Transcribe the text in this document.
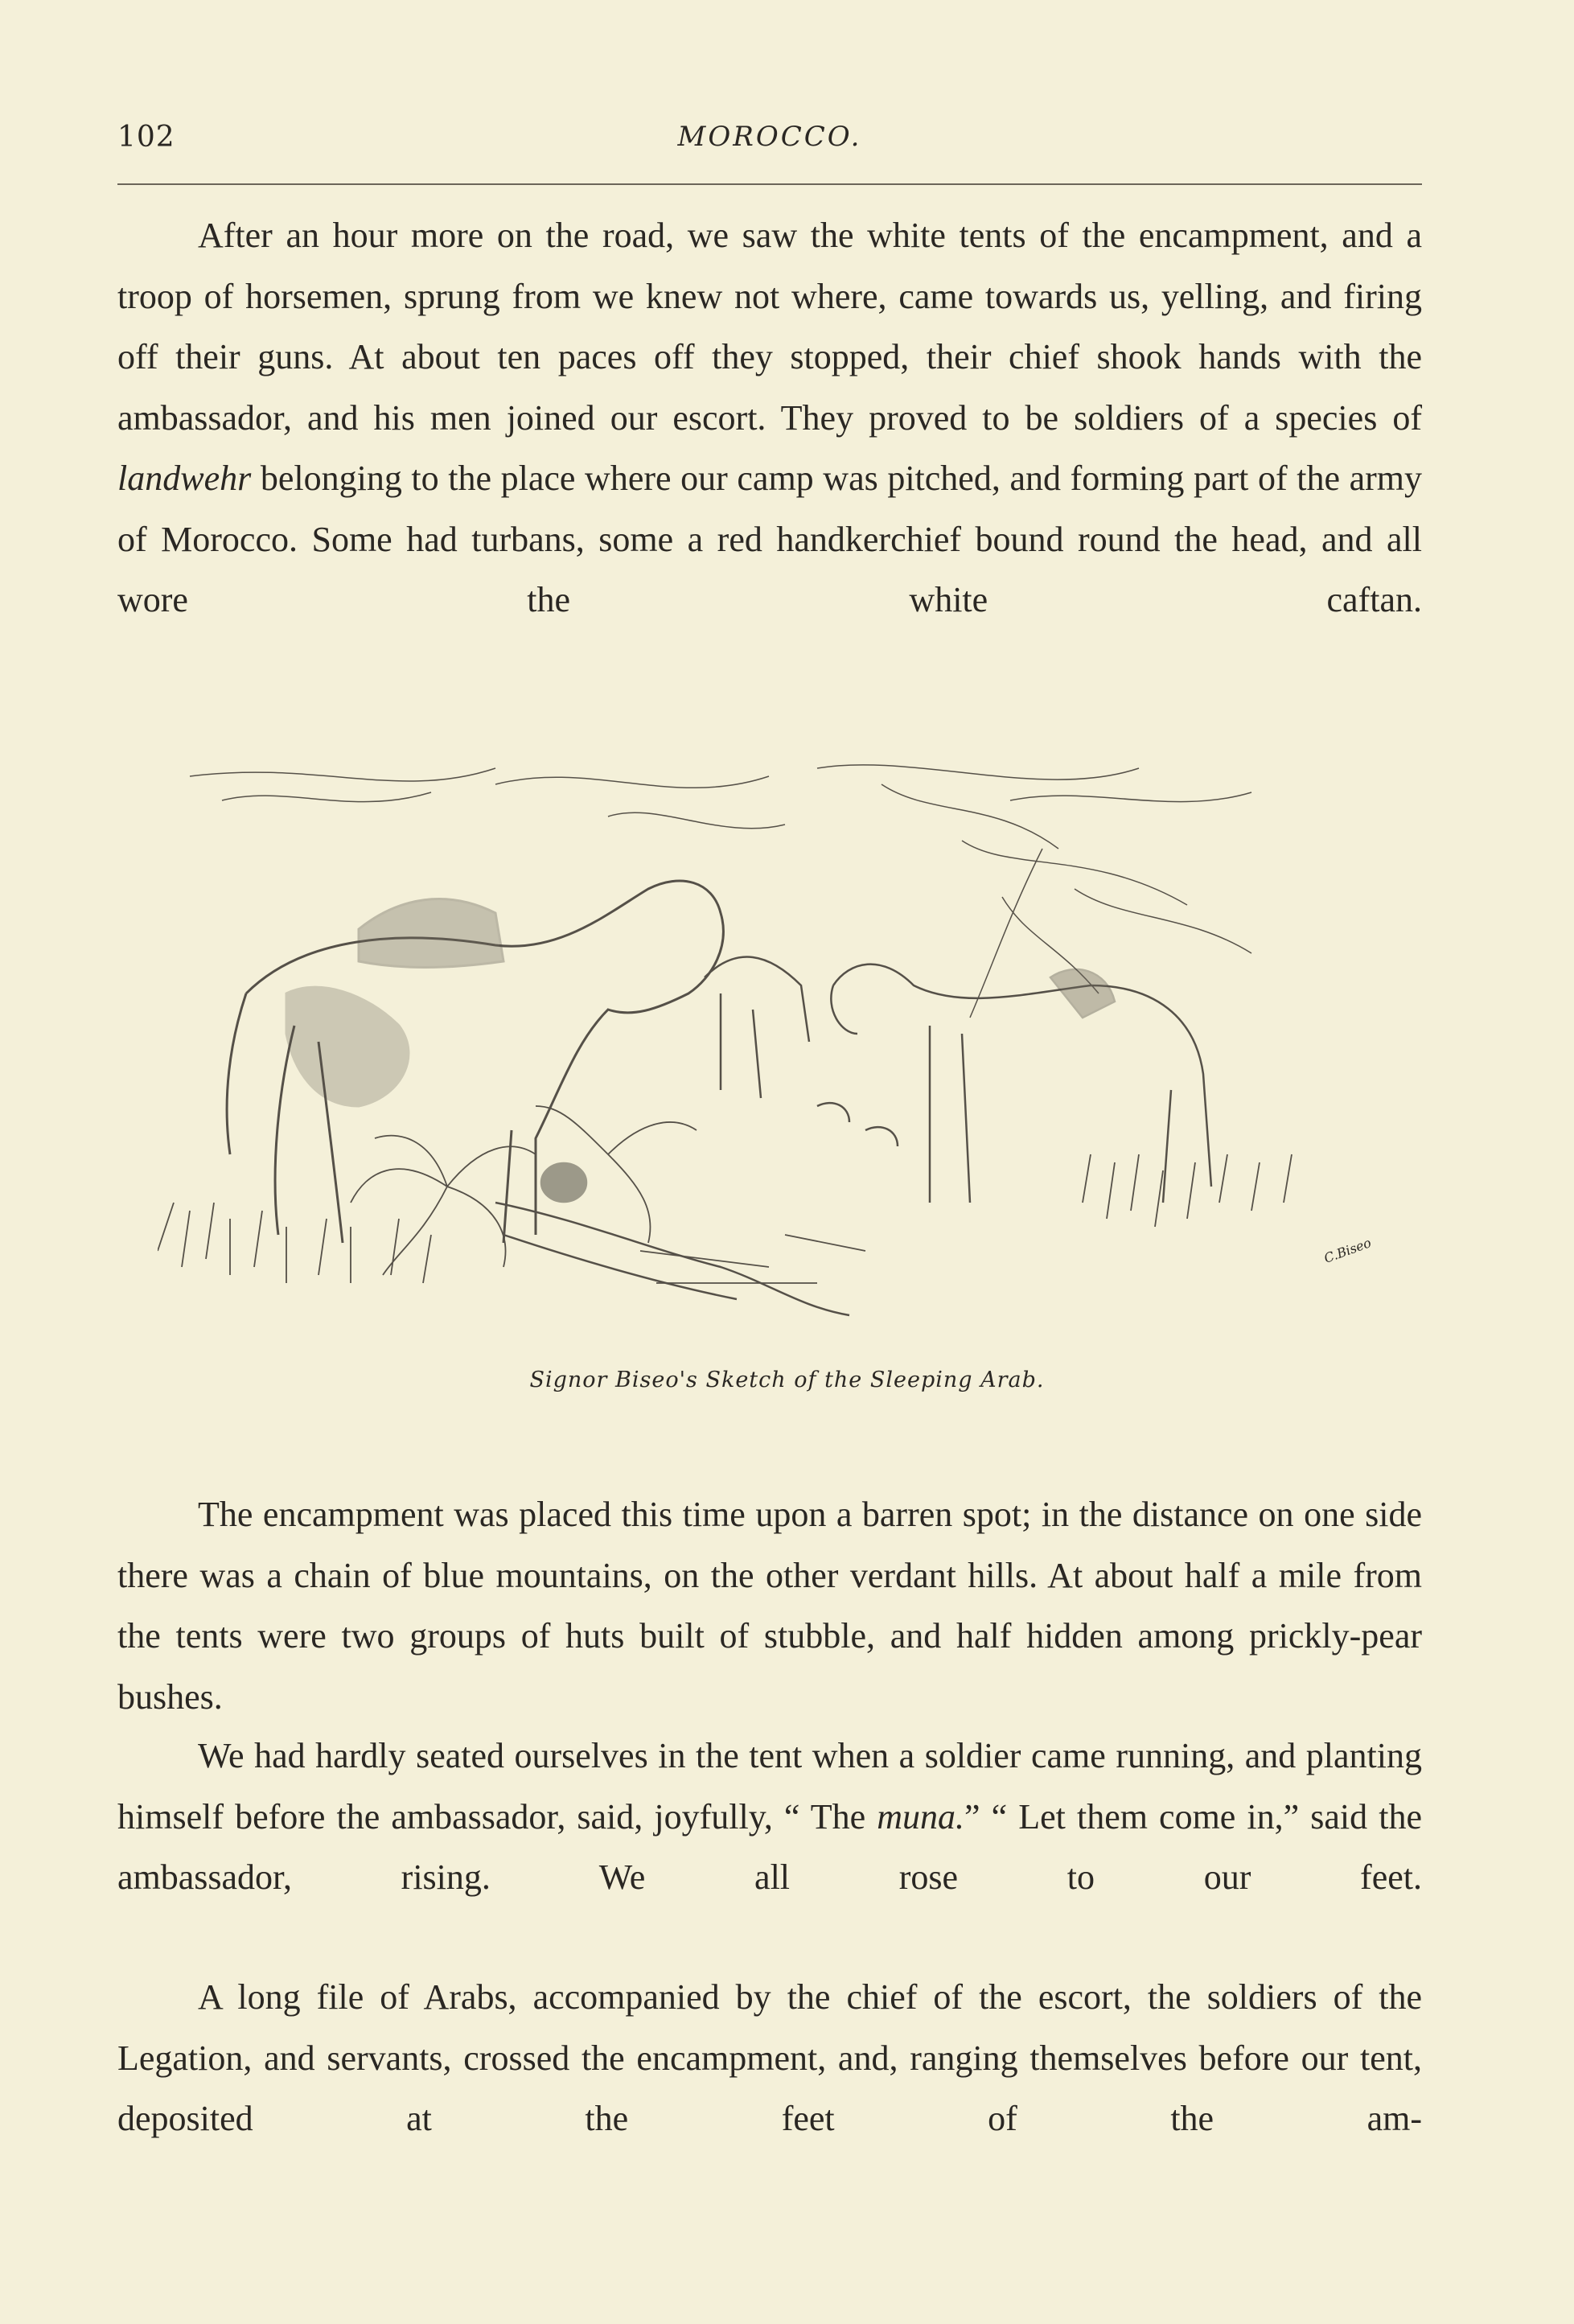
102	MOROCCO.

After an hour more on the road, we saw the white tents of the encampment, and a troop of horsemen, sprung from we knew not where, came towards us, yelling, and firing off their guns. At about ten paces off they stopped, their chief shook hands with the ambassador, and his men joined our escort. They proved to be soldiers of a species of landwehr belonging to the place where our camp was pitched, and forming part of the army of Morocco. Some had turbans, some a red handkerchief bound round the head, and all wore the white caftan.

C.Biseo
Signor Biseo's Sketch of the Sleeping Arab.

The encampment was placed this time upon a barren spot; in the distance on one side there was a chain of blue mountains, on the other verdant hills. At about half a mile from the tents were two groups of huts built of stubble, and half hidden among prickly-pear bushes.

We had hardly seated ourselves in the tent when a soldier came running, and planting himself before the ambassador, said, joyfully, “ The muna.” “ Let them come in,” said the ambassador, rising. We all rose to our feet.

A long file of Arabs, accompanied by the chief of the escort, the soldiers of the Legation, and servants, crossed the encampment, and, ranging themselves before our tent, deposited at the feet of the am-
